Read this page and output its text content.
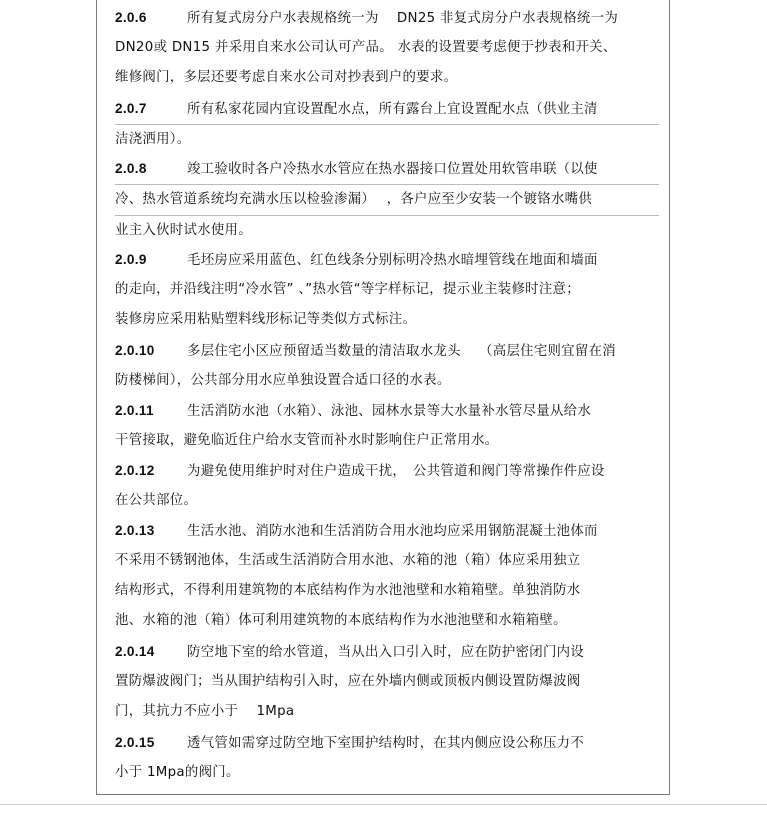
2.0.6	所有复式房分户水表规格统一为　 DN25 非复式房分户水表规格统一为
DN20或 DN15 并采用自来水公司认可产品。 水表的设置要考虑便于抄表和开关、
维修阀门，多层还要考虑自来水公司对抄表到户的要求。
2.0.7	所有私家花园内宜设置配水点，所有露台上宜设置配水点（供业主清
洁浇洒用）。
2.0.8	竣工验收时各户冷热水水管应在热水器接口位置处用软管串联（以使
冷、热水管道系统均充满水压以检验渗漏）　 ，各户应至少安装一个镀铬水嘴供
业主入伙时试水使用。
2.0.9	毛坯房应采用蓝色、红色线条分别标明冷热水暗埋管线在地面和墙面
的走向，并沿线注明“冷水管” 、”热水管“等字样标记，提示业主装修时注意；
装修房应采用粘贴塑料线形标记等类似方式标注。
2.0.10 多层住宅小区应预留适当数量的清洁取水龙头　 （高层住宅则宜留在消
防楼梯间），公共部分用水应单独设置合适口径的水表。
2.0.11 生活消防水池（水箱）、泳池、园林水景等大水量补水管尽量从给水
干管接取，避免临近住户给水支管而补水时影响住户正常用水。
2.0.12 为避免使用维护时对住户造成干扰，　公共管道和阀门等常操作件应设
在公共部位。
2.0.13 生活水池、消防水池和生活消防合用水池均应采用钢筋混凝土池体而
不采用不锈钢池体，生活或生活消防合用水池、水箱的池（箱）体应采用独立
结构形式，不得利用建筑物的本底结构作为水池池壁和水箱箱壁。单独消防水
池、水箱的池（箱）体可利用建筑物的本底结构作为水池池壁和水箱箱壁。
2.0.14 防空地下室的给水管道，当从出入口引入时，应在防护密闭门内设
置防爆波阀门；当从围护结构引入时，应在外墙内侧或顶板内侧设置防爆波阀
门，其抗力不应小于　 1Mpa
2.0.15 透气管如需穿过防空地下室围护结构时，在其内侧应设公称压力不
小于 1Mpa的阀门。
